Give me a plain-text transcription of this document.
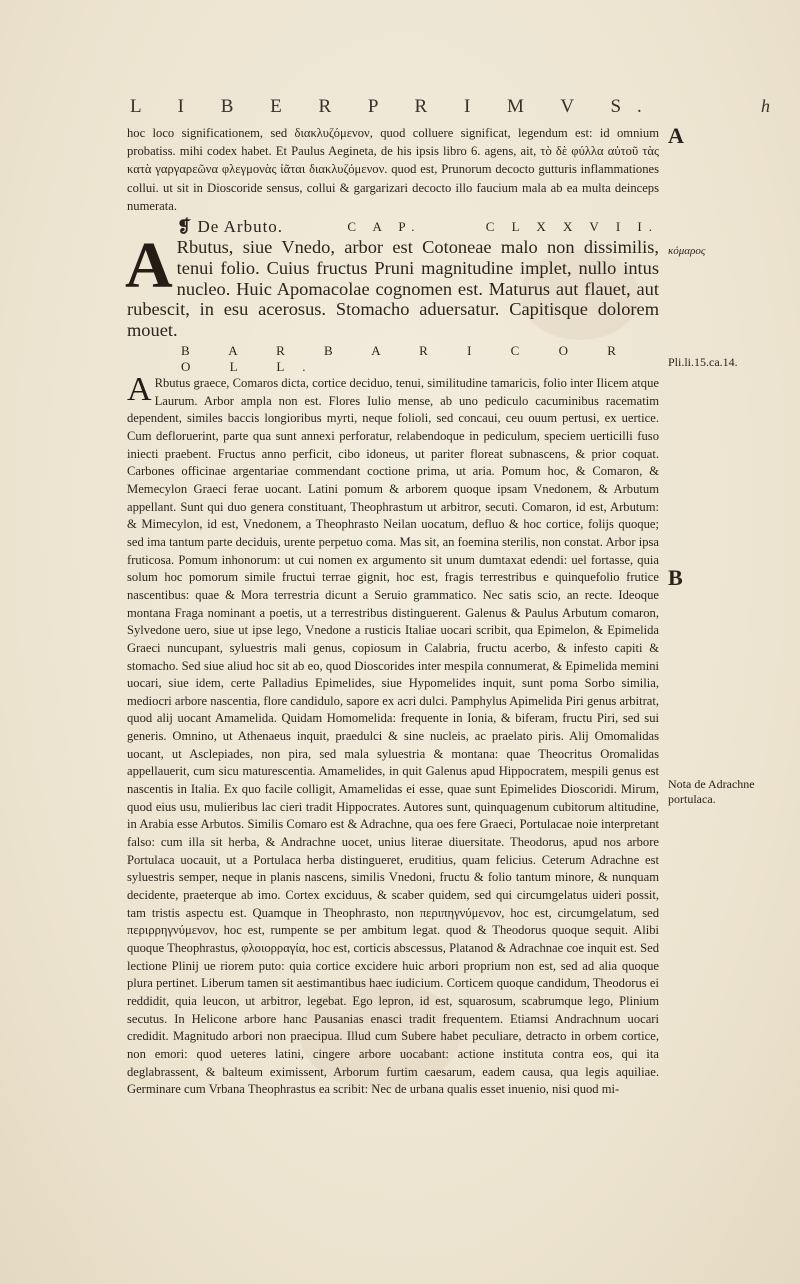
L I B E R P R I M V S.	h

hoc loco significationem, sed διακλυζόμενον, quod colluere significat, legendum est: id omnium probatiss. mihi codex habet. Et Paulus Aegineta, de his ipsis libro 6. agens, ait, τὸ δὲ φύλλα αὐτοῦ τὰς κατὰ γαργαρεῶνα φλεγμονὰς ἰᾶται διακλυζόμενον. quod est, Prunorum decocto gutturis inflammationes collui. ut sit in Dioscoride sensus, collui & gargarizari decocto illo faucium mala ab ea multa deinceps numerata.

❡ De Arbuto.	C A P.	C L X X V I I.
A Rbutus, siue Vnedo, arbor est Cotoneae malo non dissimilis, tenui folio. Cuius fructus Pruni magnitudine implet, nullo intus nucleo. Huic Apomacolae cognomen est. Maturus aut flauet, aut rubescit, in esu acerosus. Stomacho aduersatur. Capitisque dolorem mouet.
B A R B A R I C O R O L L.
A Rbutus graece, Comaros dicta, cortice deciduo, tenui, similitudine tamaricis, folio inter Ilicem atque Laurum. Arbor ampla non est. Flores Iulio mense, ab uno pediculo cacuminibus racematim dependent, similes baccis longioribus myrti, neque folioli, sed concaui, ceu ouum pertusi, ex uertice. Cum defloruerint, parte qua sunt annexi perforatur, relabendoque in pediculum, speciem uerticilli fuso iniecti praebent. Fructus anno perficit, cibo idoneus, ut pariter floreat subnascens, & prior coquat. Carbones officinae argentariae commendant coctione prima, ut aria. Pomum hoc, & Comaron, & Memecylon Graeci ferae uocant. Latini pomum & arborem quoque ipsam Vnedonem, & Arbutum appellant. Sunt qui duo genera constituant, Theophrastum ut arbitror, secuti. Comaron, id est, Arbutum: & Mimecylon, id est, Vnedonem, a Theophrasto Neilan uocatum, defluo & hoc cortice, folijs quoque; sed ima tantum parte deciduis, urente perpetuo coma. Mas sit, an foemina sterilis, non constat. Arbor ipsa fruticosa. Pomum inhonorum: ut cui nomen ex argumento sit unum dumtaxat edendi: uel fortasse, quia solum hoc pomorum simile fructui terrae gignit, hoc est, fragis terrestribus e quinquefolio frutice nascentibus: quae & Mora terrestria dicunt a Seruio grammatico. Nec satis scio, an recte. Ideoque montana Fraga nominant a poetis, ut a terrestribus distinguerent. Galenus & Paulus Arbutum comaron, Sylvedone uero, siue ut ipse lego, Vnedone a rusticis Italiae uocari scribit, qua Epimelon, & Epimelida Graeci nuncupant, syluestris mali genus, copiosum in Calabria, fructu acerbo, & infesto capiti & stomacho. Sed siue aliud hoc sit ab eo, quod Dioscorides inter mespila connumerat, & Epimelida memini uocari, siue idem, certe Palladius Epimelides, siue Hypomelides inquit, sunt poma Sorbo similia, mediocri arbore nascentia, flore candidulo, sapore ex acri dulci. Pamphylus Apimelida Piri genus arbitrat, quod alij uocant Amamelida. Quidam Homomelida: frequente in Ionia, & biferam, fructu Piri, sed sui generis. Omnino, ut Athenaeus inquit, praedulci & sine nucleis, ac praelato piris. Alij Omomalidas uocant, ut Asclepiades, non pira, sed mala syluestria & montana: quae Theocritus Oromalidas appellauerit, cum sicu maturescentia. Amamelides, in quit Galenus apud Hippocratem, mespili genus est nascentis in Italia. Ex quo facile colligit, Amamelidas ei esse, quae sunt Epimelides Dioscoridi. Mirum, quod eius usu, mulieribus lac cieri tradit Hippocrates. Autores sunt, quinquagenum cubitorum altitudine, in Arabia esse Arbutos. Similis Comaro est & Adrachne, qua oes fere Graeci, Portulacae noie interpretant falso: cum illa sit herba, & Andrachne uocet, unius literae diuersitate. Theodorus, apud nos arbore Portulaca uocauit, ut a Portulaca herba distingueret, eruditius, quam felicius. Ceterum Adrachne est syluestris semper, neque in planis nascens, similis Vnedoni, fructu & folio tantum minore, & nunquam decidente, praeterque ab imo. Cortex exciduus, & scaber quidem, sed qui circumgelatus uideri possit, tam tristis aspectu est. Quamque in Theophrasto, non περιπηγνύμενον, hoc est, circumgelatum, sed περιρρηγνύμενον, hoc est, rumpente se per ambitum legat. quod & Theodorus quoque sequit. Alibi quoque Theophrastus, φλοιορραγία, hoc est, corticis abscessus, Platanod & Adrachnae coe inquit est. Sed lectione Plinij ue riorem puto: quia cortice excidere huic arbori proprium non est, sed ad alia quoque plura pertinet. Liberum tamen sit aestimantibus haec iudicium. Corticem quoque candidum, Theodorus ei reddidit, quia leucon, ut arbitror, legebat. Ego lepron, id est, squarosum, scabrumque lego, Plinium secutus. In Helicone arbore hanc Pausanias enasci tradit frequentem. Etiamsi Andrachnum uocari credidit. Magnitudo arbori non praecipua. Illud cum Subere habet peculiare, detracto in orbem cortice, non emori: quod ueteres latini, cingere arbore uocabant: actione instituta contra eos, qui ita deglabrassent, & balteum eximissent, Arborum furtim caesarum, eadem causa, qua legis aquiliae. Germinare cum Vrbana Theophrastus ea scribit: Nec de urbana qualis esset inuenio, nisi quod mi-
A
κόμαρος
Pli.li.15.ca.14.
B
Nota de Adrachne portulaca.
